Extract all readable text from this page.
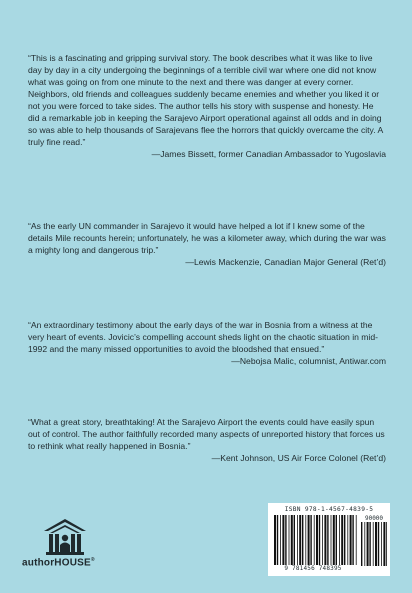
“This is a fascinating and gripping survival story. The book describes what it was like to live day by day in a city undergoing the beginnings of a terrible civil war where one did not know what was going on from one minute to the next and there was danger at every corner. Neighbors, old friends and colleagues suddenly became enemies and whether you liked it or not you were forced to take sides. The author tells his story with suspense and honesty. He did a remarkable job in keeping the Sarajevo Airport operational against all odds and in doing so was able to help thousands of Sarajevans flee the horrors that quickly overcame the city. A truly fine read.”

—James Bissett, former Canadian Ambassador to Yugoslavia

“As the early UN commander in Sarajevo it would have helped a lot if I knew some of the details Mile recounts herein; unfortunately, he was a kilometer away, which during the war was a mighty long and dangerous trip.”

—Lewis Mackenzie, Canadian Major General (Ret’d)

“An extraordinary testimony about the early days of the war in Bosnia from a witness at the very heart of events. Jovicic’s compelling account sheds light on the chaotic situation in mid-1992 and the many missed opportunities to avoid the bloodshed that ensued.”

—Nebojsa Malic, columnist, Antiwar.com

“What a great story, breathtaking! At the Sarajevo Airport the events could have easily spun out of control. The author faithfully recorded many aspects of unreported history that forces us to rethink what really happened in Bosnia.”

—Kent Johnson, US Air Force Colonel (Ret’d)

authorHOUSE®
ISBN 978-1-4567-4839-5
9 781456 748395
90000
